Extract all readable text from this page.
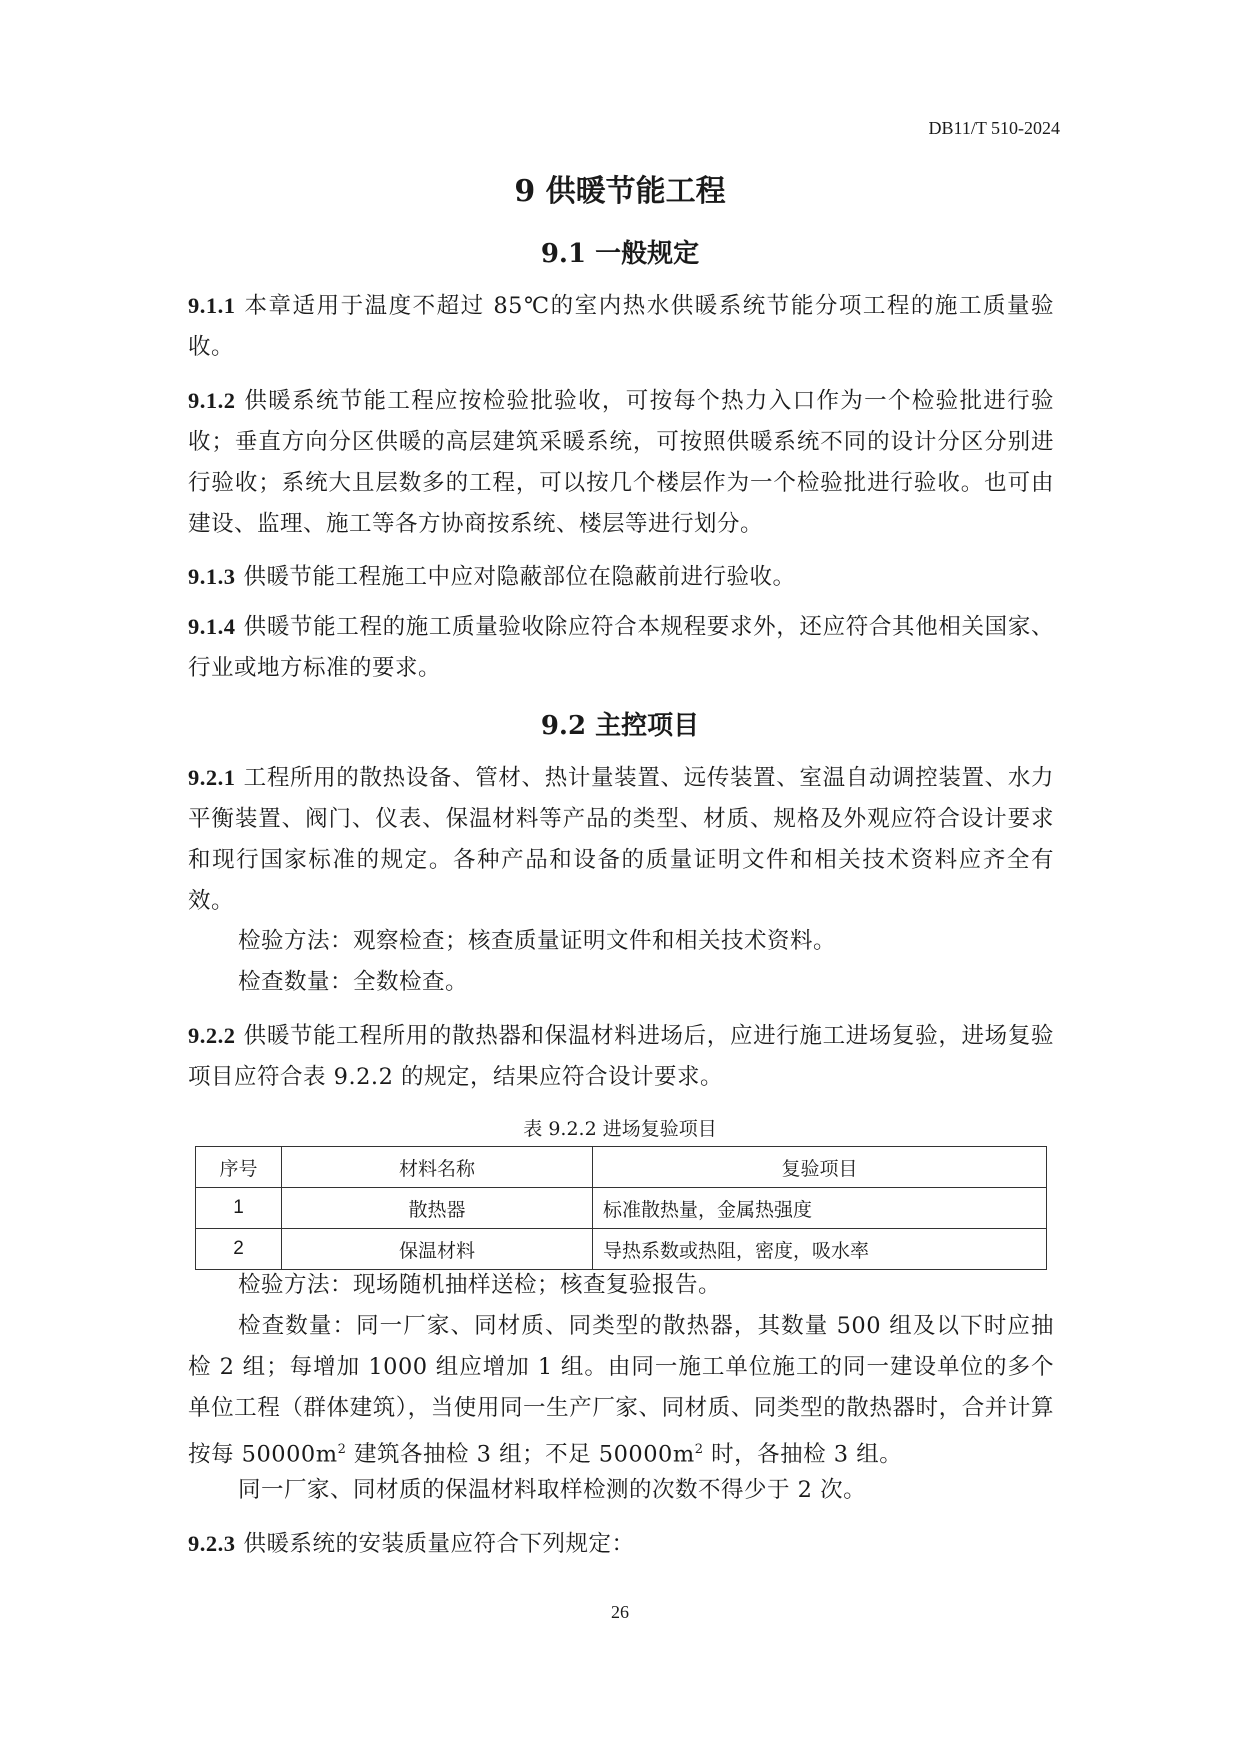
DB11/T 510-2024
9 供暖节能工程
9.1 一般规定
9.1.1 本章适用于温度不超过 85℃的室内热水供暖系统节能分项工程的施工质量验收。
9.1.2 供暖系统节能工程应按检验批验收，可按每个热力入口作为一个检验批进行验收；垂直方向分区供暖的高层建筑采暖系统，可按照供暖系统不同的设计分区分别进行验收；系统大且层数多的工程，可以按几个楼层作为一个检验批进行验收。也可由建设、监理、施工等各方协商按系统、楼层等进行划分。
9.1.3 供暖节能工程施工中应对隐蔽部位在隐蔽前进行验收。
9.1.4 供暖节能工程的施工质量验收除应符合本规程要求外，还应符合其他相关国家、行业或地方标准的要求。
9.2 主控项目
9.2.1 工程所用的散热设备、管材、热计量装置、远传装置、室温自动调控装置、水力平衡装置、阀门、仪表、保温材料等产品的类型、材质、规格及外观应符合设计要求和现行国家标准的规定。各种产品和设备的质量证明文件和相关技术资料应齐全有效。
检验方法：观察检查；核查质量证明文件和相关技术资料。
检查数量：全数检查。
9.2.2 供暖节能工程所用的散热器和保温材料进场后，应进行施工进场复验，进场复验项目应符合表 9.2.2 的规定，结果应符合设计要求。
表 9.2.2 进场复验项目
序号	材料名称	复验项目
1	散热器	标准散热量，金属热强度
2	保温材料	导热系数或热阻，密度，吸水率
检验方法：现场随机抽样送检；核查复验报告。
检查数量：同一厂家、同材质、同类型的散热器，其数量 500 组及以下时应抽检 2 组；每增加 1000 组应增加 1 组。由同一施工单位施工的同一建设单位的多个单位工程（群体建筑），当使用同一生产厂家、同材质、同类型的散热器时，合并计算按每 $50000m^2$ 建筑各抽检 3 组；不足 $50000m^2$ 时，各抽检 3 组。
同一厂家、同材质的保温材料取样检测的次数不得少于 2 次。
9.2.3 供暖系统的安装质量应符合下列规定：
26
